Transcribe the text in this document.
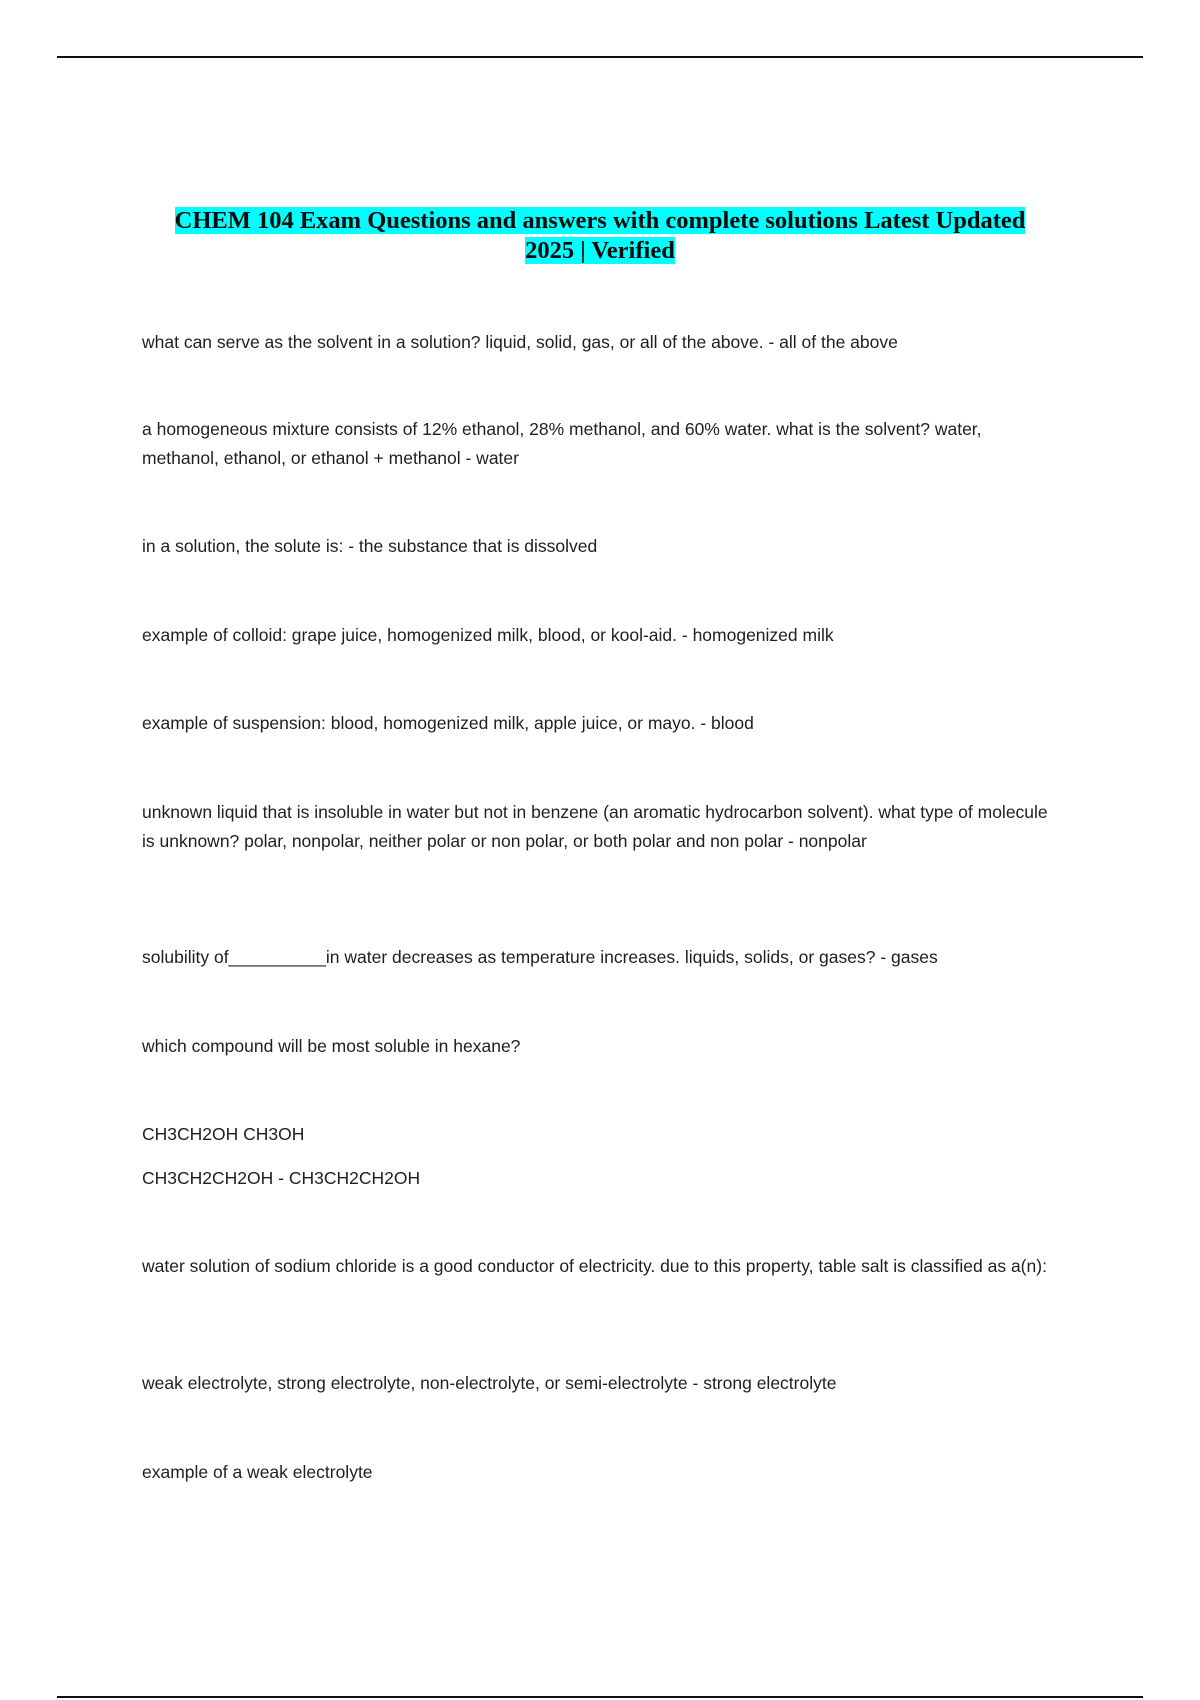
CHEM 104 Exam Questions and answers with complete solutions Latest Updated
2025 | Verified

what can serve as the solvent in a solution? liquid, solid, gas, or all of the above. - all of the above

a homogeneous mixture consists of 12% ethanol, 28% methanol, and 60% water. what is the solvent? water, methanol, ethanol, or ethanol + methanol - water

in a solution, the solute is: - the substance that is dissolved

example of colloid: grape juice, homogenized milk, blood, or kool-aid. - homogenized milk

example of suspension: blood, homogenized milk, apple juice, or mayo. - blood

unknown liquid that is insoluble in water but not in benzene (an aromatic hydrocarbon solvent). what type of molecule is unknown? polar, nonpolar, neither polar or non polar, or both polar and non polar - nonpolar

solubility of__________in water decreases as temperature increases. liquids, solids, or gases? - gases

which compound will be most soluble in hexane?

CH3CH2OH CH3OH

CH3CH2CH2OH - CH3CH2CH2OH

water solution of sodium chloride is a good conductor of electricity. due to this property, table salt is classified as a(n):

weak electrolyte, strong electrolyte, non-electrolyte, or semi-electrolyte - strong electrolyte

example of a weak electrolyte
